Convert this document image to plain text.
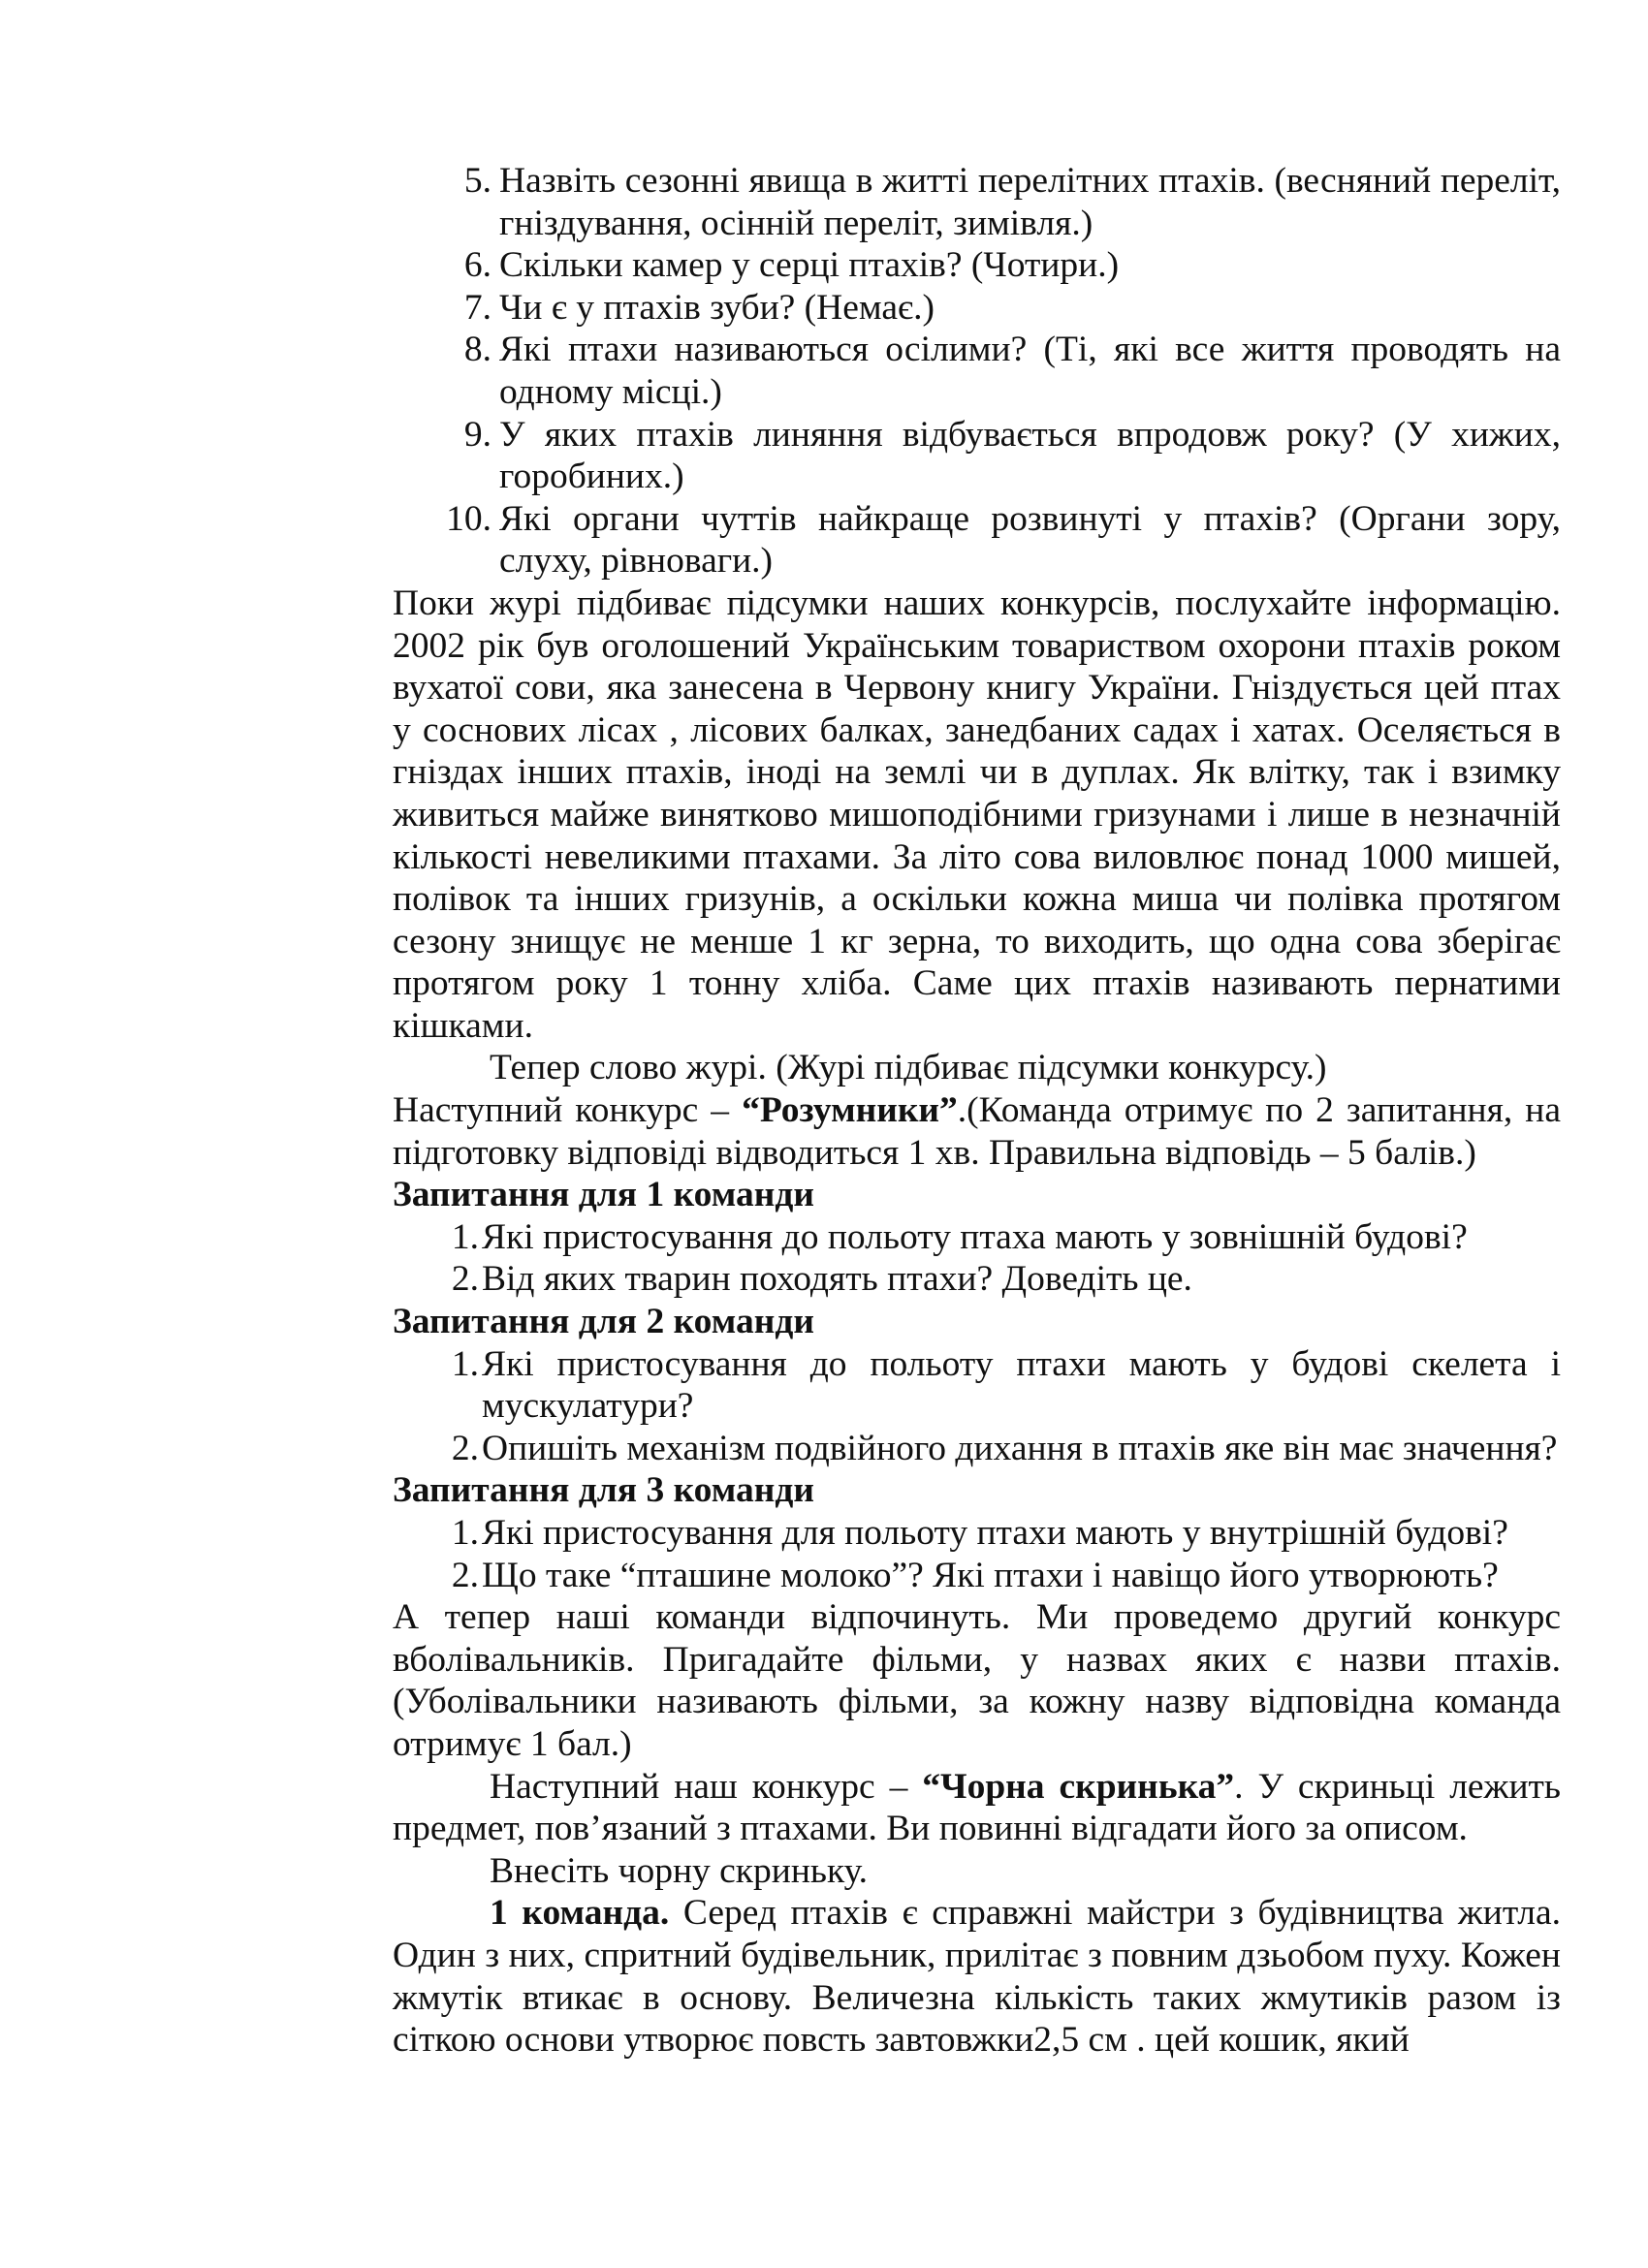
5. Назвіть сезонні явища в житті перелітних птахів. (весняний переліт, гніздування, осінній переліт, зимівля.)
6. Скільки камер у серці птахів? (Чотири.)
7. Чи є у птахів зуби? (Немає.)
8. Які птахи називаються осілими? (Ті, які все життя проводять на одному місці.)
9. У яких птахів линяння відбувається впродовж року? (У хижих, горобиних.)
10. Які органи чуттів найкраще розвинуті у птахів? (Органи зору, слуху, рівноваги.)

Поки журі підбиває підсумки наших конкурсів, послухайте інформацію. 2002 рік був оголошений Українським товариством охорони птахів роком вухатої сови, яка занесена в Червону книгу України. Гніздується цей птах у соснових лісах , лісових балках, занедбаних садах і хатах. Оселяється в гніздах інших птахів, іноді на землі чи в дуплах. Як влітку, так і взимку живиться майже винятково мишоподібними гризунами і лише в незначній кількості невеликими птахами. За літо сова виловлює понад 1000 мишей, полівок та інших гризунів, а оскільки кожна миша чи полівка протягом сезону знищує не менше 1 кг зерна, то виходить, що одна сова зберігає протягом року 1 тонну хліба. Саме цих птахів називають пернатими кішками.

Тепер слово журі. (Журі підбиває підсумки конкурсу.)

Наступний конкурс – “Розумники”.(Команда отримує по 2 запитання, на підготовку відповіді відводиться 1 хв. Правильна відповідь – 5 балів.)

Запитання для 1 команди

1. Які пристосування до польоту птаха мають у зовнішній будові?
2. Від яких тварин походять птахи? Доведіть це.

Запитання для 2 команди

1. Які пристосування до польоту птахи мають у будові скелета і мускулатури?
2. Опишіть механізм подвійного дихання в птахів яке він має значення?

Запитання для 3 команди

1. Які пристосування для польоту птахи мають у внутрішній будові?
2. Що таке “пташине молоко”? Які птахи і навіщо його утворюють?

А тепер наші команди відпочинуть. Ми проведемо другий конкурс вболівальників. Пригадайте фільми, у назвах яких є назви птахів. (Уболівальники називають фільми, за кожну назву відповідна команда отримує 1 бал.)

Наступний наш конкурс – “Чорна скринька”. У скриньці лежить предмет, пов’язаний з птахами. Ви повинні відгадати його за описом.

Внесіть чорну скриньку.

1 команда. Серед птахів є справжні майстри з будівництва житла. Один з них, спритний будівельник, прилітає з повним дзьобом пуху. Кожен жмутік втикає в основу. Величезна кількість таких жмутиків разом із сіткою основи утворює повсть завтовжки2,5 см . цей кошик, який
